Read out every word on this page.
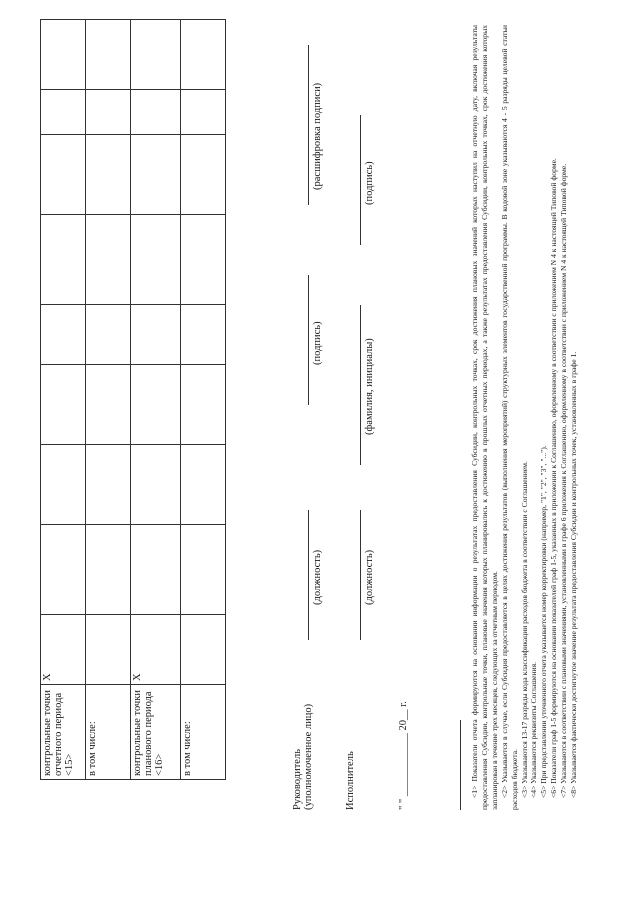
контрольные точки отчетного периода <15>	X								
в том числе:									
контрольные точки планового периода <16>	X								
в том числе:									
Руководитель (уполномоченное лицо)
(должность)
(подпись)
(расшифровка подписи)
Исполнитель
(должность)
(фамилия, инициалы)
(подпись)
" " ____________ 20__ г.	<1> Показатели отчета формируются на основании информации о результатах предоставления Субсидии, контрольных точках, срок достижения плановых значений которых наступил на отчетную дату, включая результаты предоставления Субсидии, контрольные точки, плановые значения которых планировались к достижению в прошлых отчетных периодах, а также результатах предоставления Субсидии, контрольных точках, срок достижения которых запланирован в течение трех месяцев, следующих за отчетным периодом. <2> Указывается в случае, если Субсидия предоставляется в целях достижения результатов (выполнения мероприятий) структурных элементов государственной программы. В кодовой зоне указываются 4 - 5 разряды целевой статьи расходов бюджета. <3> Указываются 13-17 разряды кода классификации расходов бюджета в соответствии с Соглашением. <4> Указываются реквизиты Соглашения. <5> При представлении уточненного отчета указывается номер корректировки (например, "1", "2", "3", "..."). <6> Показатели граф 1-5 формируются на основании показателей граф 1-5, указанных в приложении к Соглашению, оформленному в соответствии с приложением N 4 к настоящей Типовой форме. <7> Указываются в соответствии с плановыми значениями, установленными в графе 6 приложения к Соглашению, оформленному в соответствии с приложением N 4 к настоящей Типовой форме. <8> Указывается фактически достигнутое значение результата предоставления Субсидии и контрольных точек, установленных в графе 1.
